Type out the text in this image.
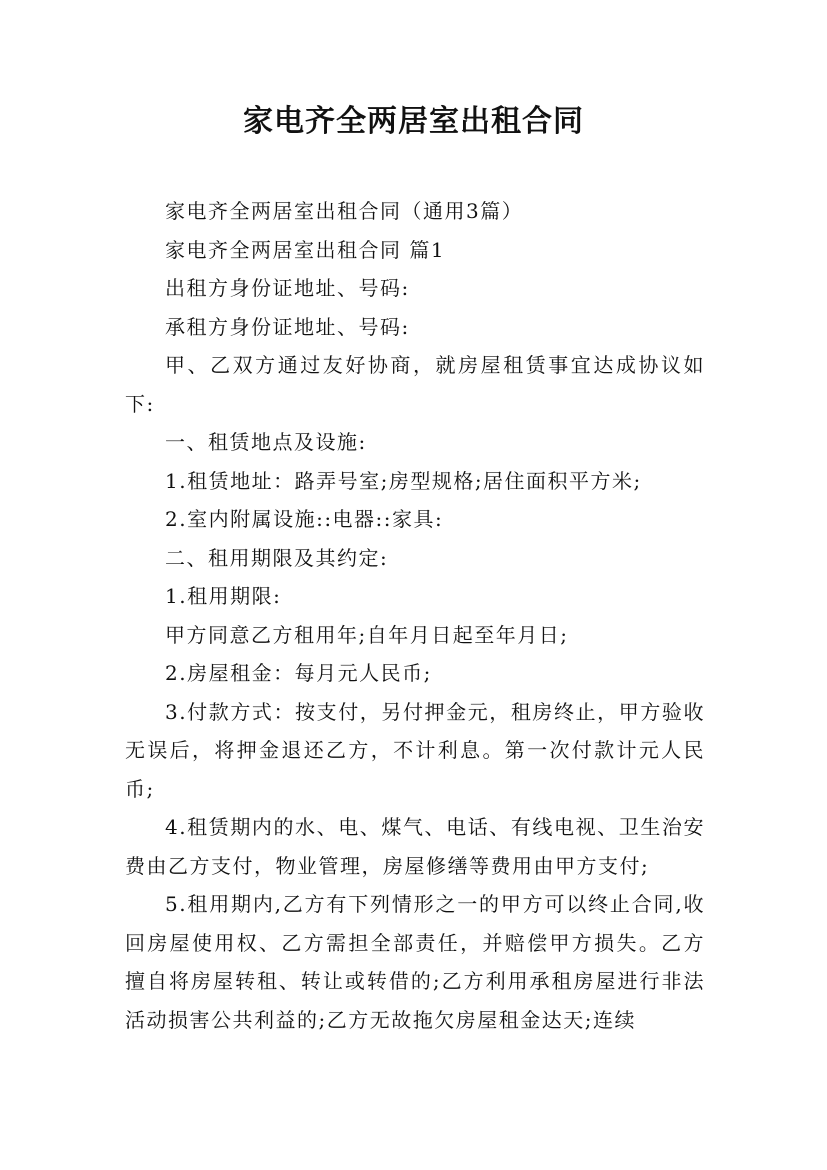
家电齐全两居室出租合同

家电齐全两居室出租合同（通用3篇）

家电齐全两居室出租合同 篇1

出租方身份证地址、号码:

承租方身份证地址、号码:

甲、乙双方通过友好协商，就房屋租赁事宜达成协议如下:

一、租赁地点及设施:

1.租赁地址：路弄号室;房型规格;居住面积平方米;

2.室内附属设施::电器::家具:

二、租用期限及其约定:

1.租用期限:

甲方同意乙方租用年;自年月日起至年月日;

2.房屋租金：每月元人民币;

3.付款方式：按支付，另付押金元，租房终止，甲方验收无误后，将押金退还乙方，不计利息。第一次付款计元人民币;

4.租赁期内的水、电、煤气、电话、有线电视、卫生治安费由乙方支付，物业管理，房屋修缮等费用由甲方支付;

5.租用期内,乙方有下列情形之一的甲方可以终止合同,收回房屋使用权、乙方需担全部责任，并赔偿甲方损失。乙方擅自将房屋转租、转让或转借的;乙方利用承租房屋进行非法活动损害公共利益的;乙方无故拖欠房屋租金达天;连续
